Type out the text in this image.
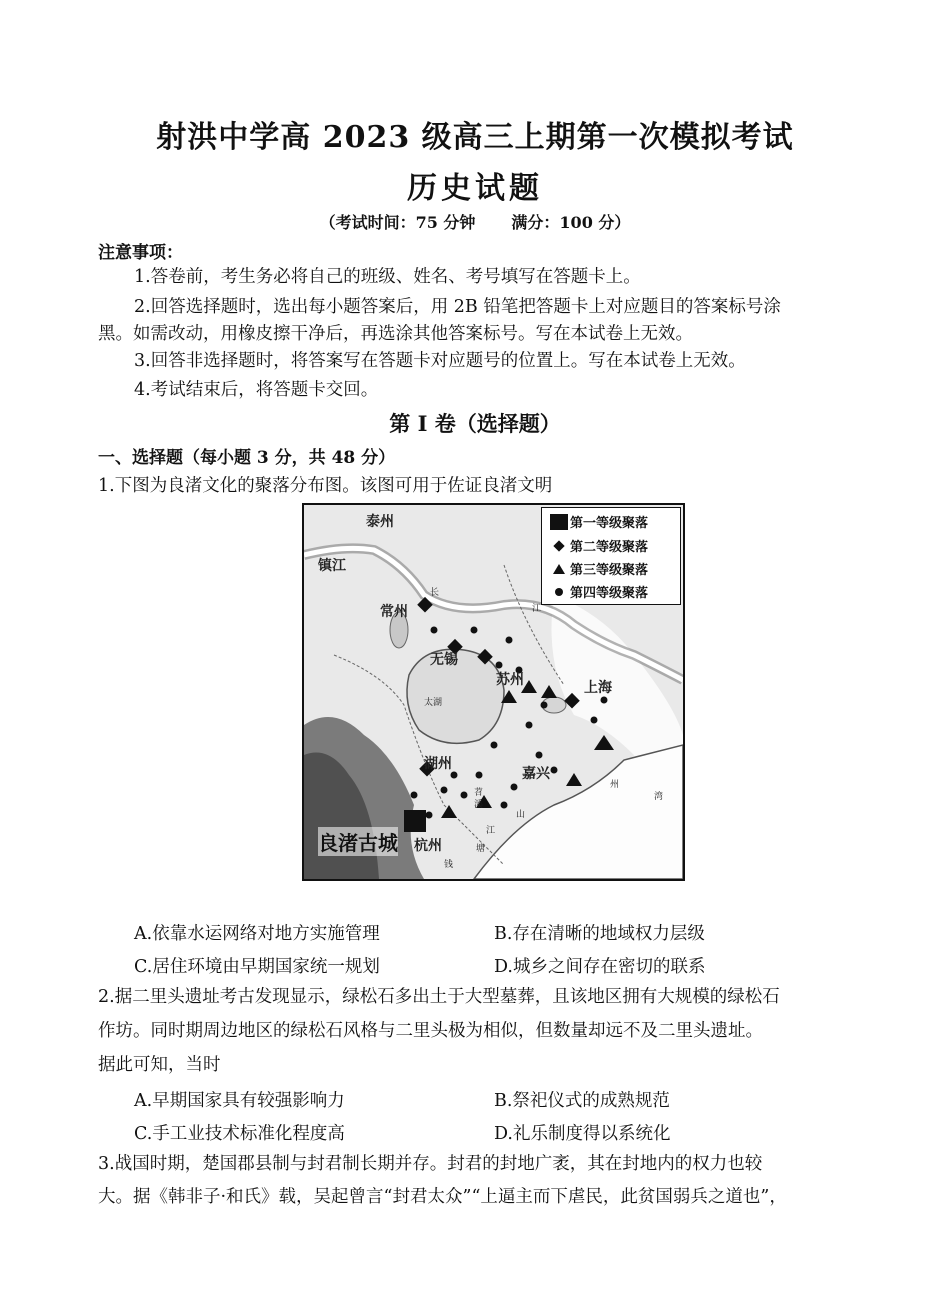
射洪中学高 2023 级高三上期第一次模拟考试
历史试题
（考试时间：75 分钟 满分：100 分）
注意事项：
1.答卷前，考生务必将自己的班级、姓名、考号填写在答题卡上。
2.回答选择题时，选出每小题答案后，用 2B 铅笔把答题卡上对应题目的答案标号涂
黑。如需改动，用橡皮擦干净后，再选涂其他答案标号。写在本试卷上无效。
3.回答非选择题时，将答案写在答题卡对应题号的位置上。写在本试卷上无效。
4.考试结束后，将答题卡交回。
第 I 卷（选择题）
一、选择题（每小题 3 分，共 48 分）
1.下图为良渚文化的聚落分布图。该图可用于佐证良渚文明
泰州
镇江
常州
无锡
苏州	上海
太湖
湖州
嘉兴
良渚古城 杭州
长
江
州
湾
钱
塘
江
山
苕
溪
第一等级聚落
第二等级聚落
第三等级聚落
第四等级聚落
A.依靠水运网络对地方实施管理	B.存在清晰的地域权力层级
C.居住环境由早期国家统一规划	D.城乡之间存在密切的联系
2.据二里头遗址考古发现显示，绿松石多出土于大型墓葬，且该地区拥有大规模的绿松石
作坊。同时期周边地区的绿松石风格与二里头极为相似，但数量却远不及二里头遗址。
据此可知，当时
A.早期国家具有较强影响力	B.祭祀仪式的成熟规范
C.手工业技术标准化程度高	D.礼乐制度得以系统化
3.战国时期，楚国郡县制与封君制长期并存。封君的封地广袤，其在封地内的权力也较
大。据《韩非子·和氏》载，吴起曾言“封君太众”“上逼主而下虐民，此贫国弱兵之道也”，
